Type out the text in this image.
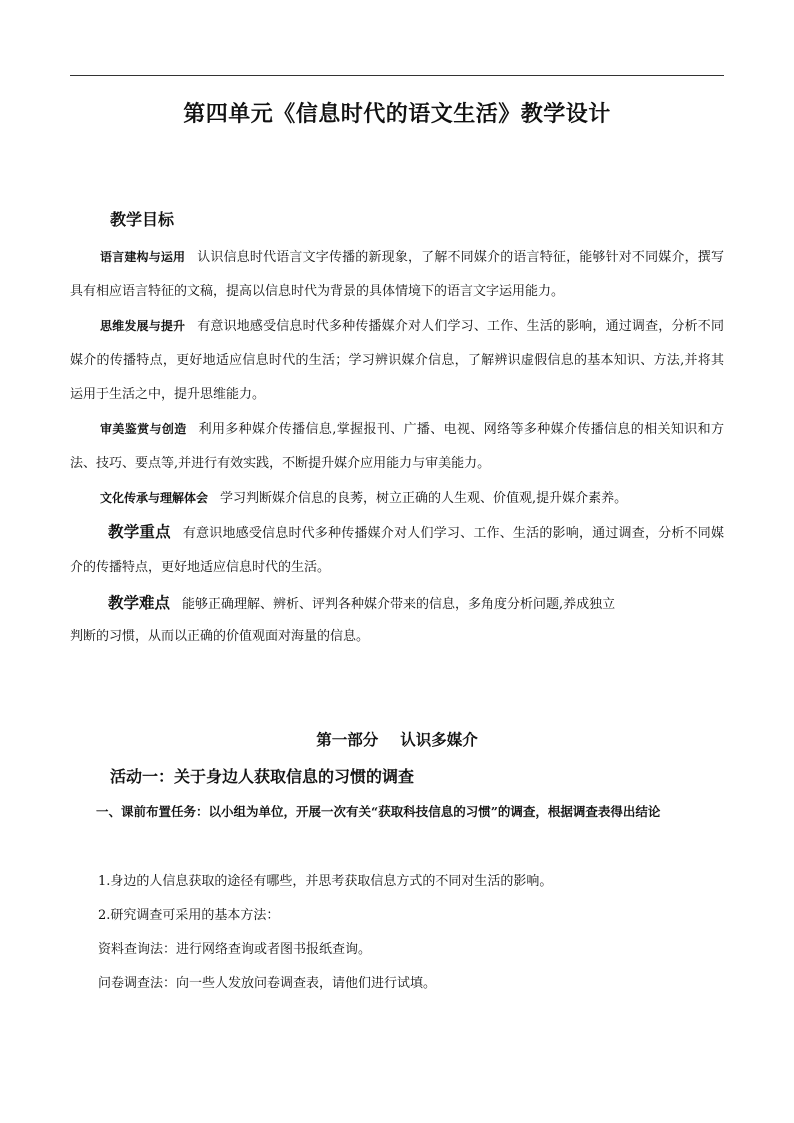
第四单元《信息时代的语文生活》教学设计
教学目标

语言建构与运用 认识信息时代语言文字传播的新现象，了解不同媒介的语言特征，能够针对不同媒介，撰写具有相应语言特征的文稿，提高以信息时代为背景的具体情境下的语言文字运用能力。

思维发展与提升 有意识地感受信息时代多种传播媒介对人们学习、工作、生活的影响，通过调查，分析不同媒介的传播特点，更好地适应信息时代的生活；学习辨识媒介信息，了解辨识虚假信息的基本知识、方法,并将其运用于生活之中，提升思维能力。

审美鉴赏与创造 利用多种媒介传播信息,掌握报刊、广播、电视、网络等多种媒介传播信息的相关知识和方法、技巧、要点等,并进行有效实践，不断提升媒介应用能力与审美能力。

文化传承与理解体会 学习判断媒介信息的良莠，树立正确的人生观、价值观,提升媒介素养。

教学重点 有意识地感受信息时代多种传播媒介对人们学习、工作、生活的影响，通过调查，分析不同媒介的传播特点，更好地适应信息时代的生活。

教学难点 能够正确理解、辨析、评判各种媒介带来的信息，多角度分析问题,养成独立

判断的习惯，从而以正确的价值观面对海量的信息。

第一部分 认识多媒介
活动一：关于身边人获取信息的习惯的调查

一、课前布置任务：以小组为单位，开展一次有关“获取科技信息的习惯”的调查，根据调查表得出结论

1.身边的人信息获取的途径有哪些，并思考获取信息方式的不同对生活的影响。

2.研究调查可采用的基本方法：

资料查询法：进行网络查询或者图书报纸查询。

问卷调查法：向一些人发放问卷调查表，请他们进行试填。
